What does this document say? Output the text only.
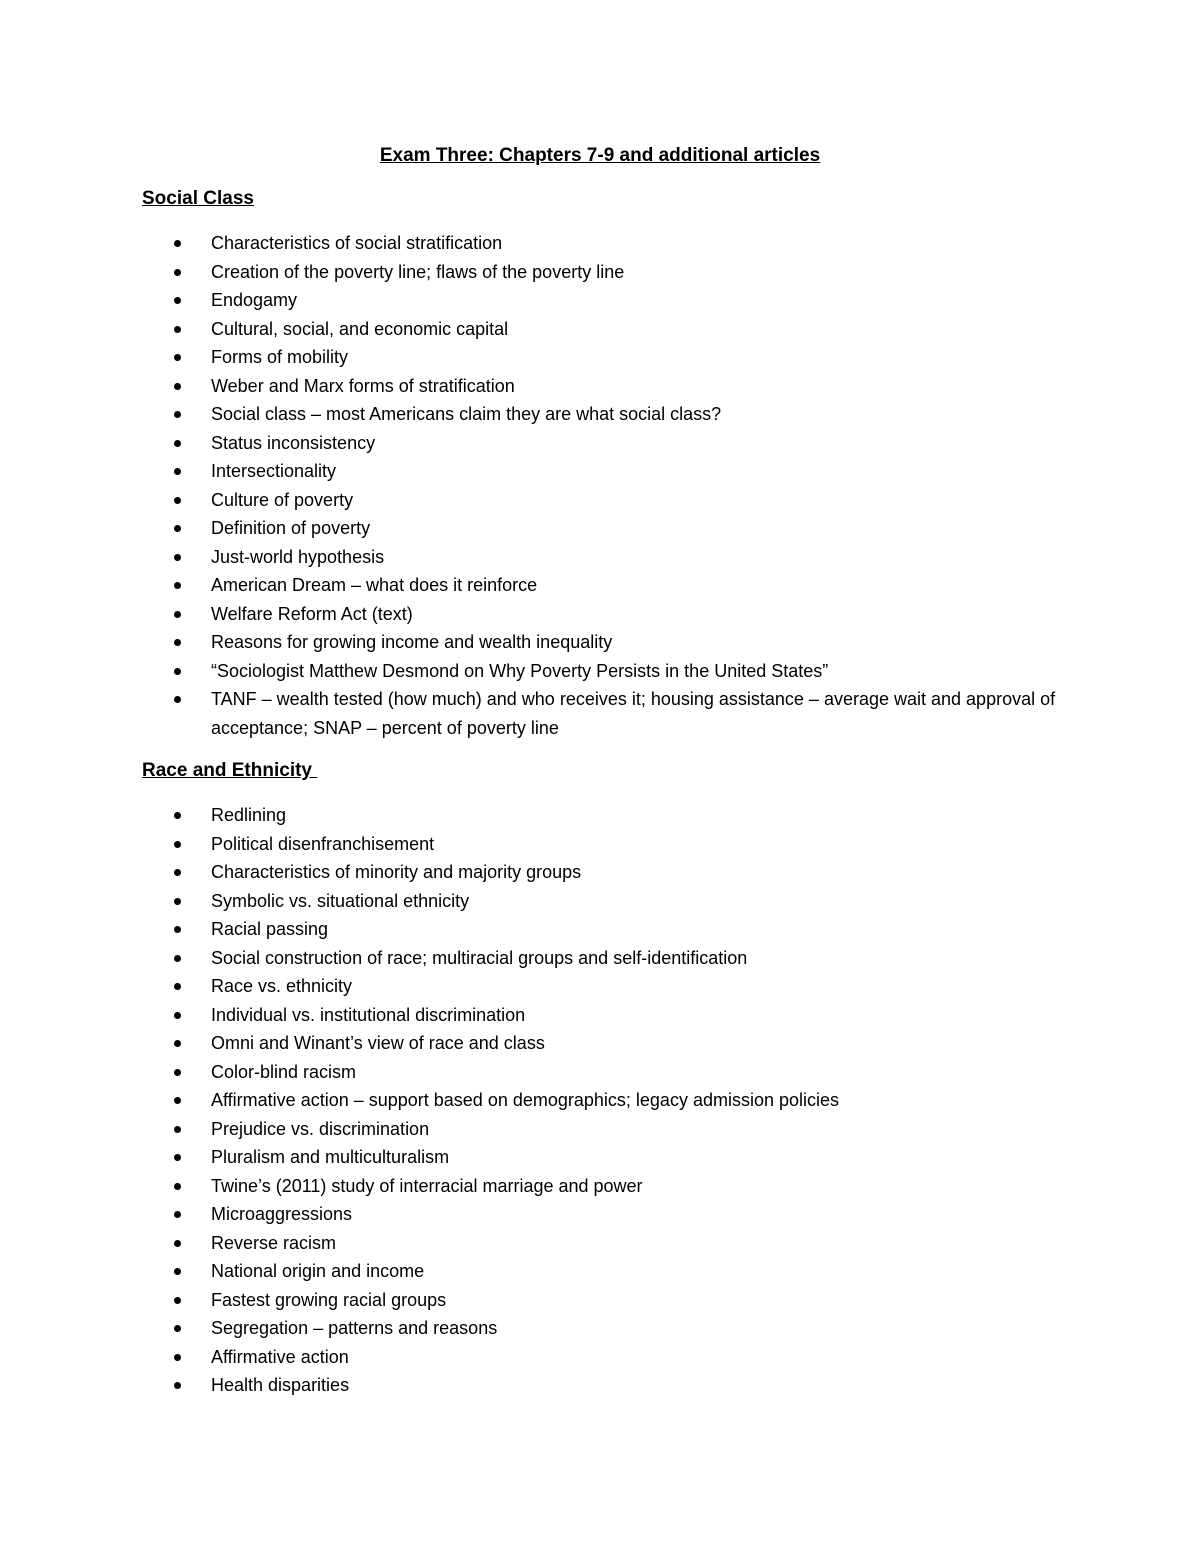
Exam Three: Chapters 7-9 and additional articles
Social Class
Characteristics of social stratification
Creation of the poverty line; flaws of the poverty line
Endogamy
Cultural, social, and economic capital
Forms of mobility
Weber and Marx forms of stratification
Social class – most Americans claim they are what social class?
Status inconsistency
Intersectionality
Culture of poverty
Definition of poverty
Just-world hypothesis
American Dream – what does it reinforce
Welfare Reform Act (text)
Reasons for growing income and wealth inequality
“Sociologist Matthew Desmond on Why Poverty Persists in the United States”
TANF – wealth tested (how much) and who receives it; housing assistance – average wait and approval of acceptance; SNAP – percent of poverty line
Race and Ethnicity
Redlining
Political disenfranchisement
Characteristics of minority and majority groups
Symbolic vs. situational ethnicity
Racial passing
Social construction of race; multiracial groups and self-identification
Race vs. ethnicity
Individual vs. institutional discrimination
Omni and Winant’s view of race and class
Color-blind racism
Affirmative action – support based on demographics; legacy admission policies
Prejudice vs. discrimination
Pluralism and multiculturalism
Twine’s (2011) study of interracial marriage and power
Microaggressions
Reverse racism
National origin and income
Fastest growing racial groups
Segregation – patterns and reasons
Affirmative action
Health disparities
